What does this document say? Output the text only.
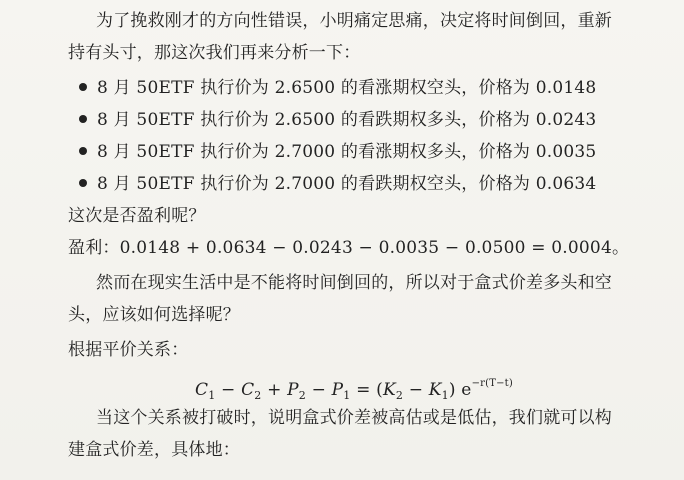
为了挽救刚才的方向性错误，小明痛定思痛，决定将时间倒回，重新
持有头寸，那这次我们再来分析一下：
8 月 50ETF 执行价为 2.6500 的看涨期权空头，价格为 0.0148
8 月 50ETF 执行价为 2.6500 的看跌期权多头，价格为 0.0243
8 月 50ETF 执行价为 2.7000 的看涨期权多头，价格为 0.0035
8 月 50ETF 执行价为 2.7000 的看跌期权空头，价格为 0.0634
这次是否盈利呢？
盈利：0.0148 + 0.0634 − 0.0243 − 0.0035 − 0.0500 = 0.0004。
然而在现实生活中是不能将时间倒回的，所以对于盒式价差多头和空
头，应该如何选择呢？
根据平价关系：
$C_1 - C_2 + P_2 - P_1 = (K_2 - K_1)$ $e^{-r(T-t)}$
当这个关系被打破时，说明盒式价差被高估或是低估，我们就可以构
建盒式价差，具体地：
